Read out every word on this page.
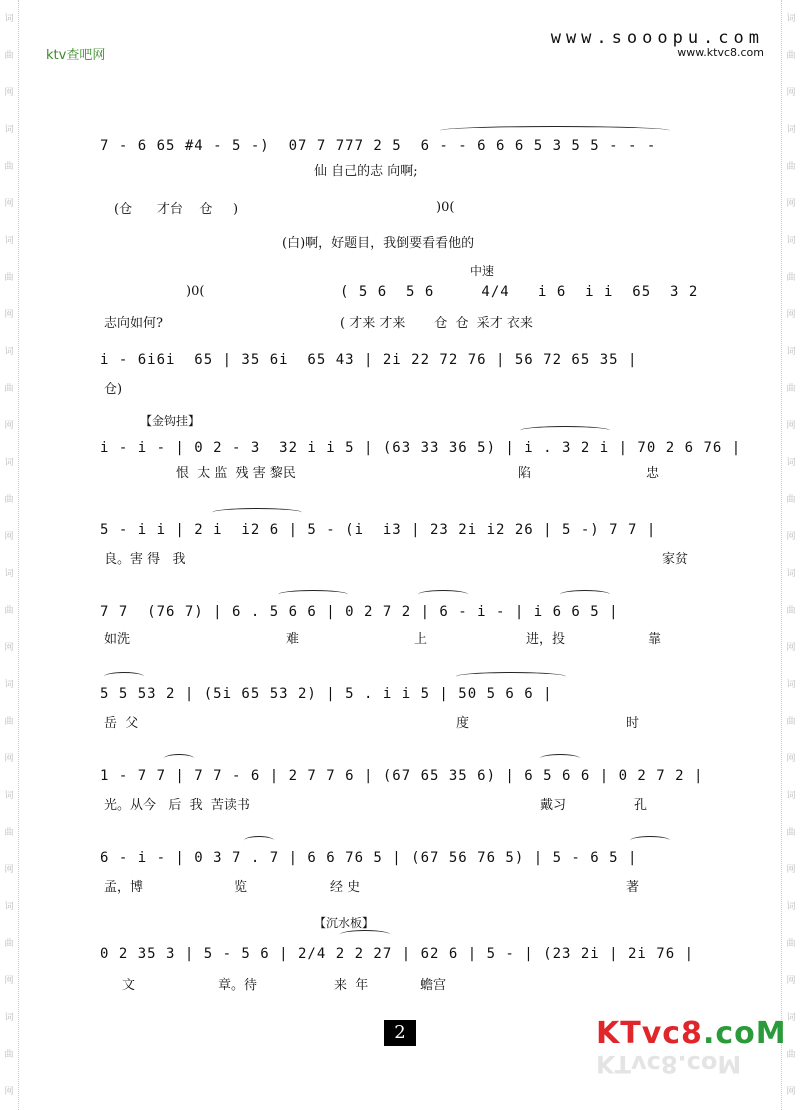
词
曲
网
词
曲
网
词
曲
网
词
曲
网
词
曲
网
词
曲
网
词
曲
网
词
曲
网
词
曲
网
词
曲
网
词
曲
网
词
曲
网
词
曲
网
词
曲
网
词
曲
网
词
曲
网
词
曲
网
词
曲
网
词
曲
网
词
曲
网
ktv查吧网
www.sooopu.com
www.ktvc8.com
7 - 6 65 #4 - 5 -)  07 7 777 2 5  6 - - 6 6 6 5 3 5 5 - - -
仙 自己的志 向啊;
(仓      才台    仓     )	)0(
(白)啊，好题目，我倒要看看他的
中速
)0(	( 5 6  5 6     4/4   i 6  i i  65  3 2
志向如何?	( 才来 才来       仓  仓  采才 衣来
i - 6i6i  65 | 35 6i  65 43 | 2i 22 72 76 | 56 72 65 35 |
仓)
【金钩挂】
i - i - | 0 2 - 3  32 i i 5 | (63 33 36 5) | i . 3 2 i | 70 2 6 76 |
恨  太 监  残 害 黎民	陷	忠
5 - i i | 2 i  i2 6 | 5 - (i  i3 | 23 2i i2 26 | 5 -) 7 7 |
良。害 得   我	家贫
7 7  (76 7) | 6 . 5 6 6 | 0 2 7 2 | 6 - i - | i 6 6 5 |
如洗	难	上	进，投	靠
5 5 53 2 | (5i 65 53 2) | 5 . i i 5 | 50 5 6 6 |
岳  父	度	时
1 - 7 7 | 7 7 - 6 | 2 7 7 6 | (67 65 35 6) | 6 5 6 6 | 0 2 7 2 |
光。从今   后  我  苦读书	戴习	孔
6 - i - | 0 3 7 . 7 | 6 6 76 5 | (67 56 76 5) | 5 - 6 5 |
孟，博	览	经 史	著
【沉水板】
0 2 35 3 | 5 - 5 6 | 2/4 2 2 27 | 62 6 | 5 - | (23 2i | 2i 76 |
文	章。待	来  年	蟾宫
2	KTvc8.coM
KTvc8.coM
